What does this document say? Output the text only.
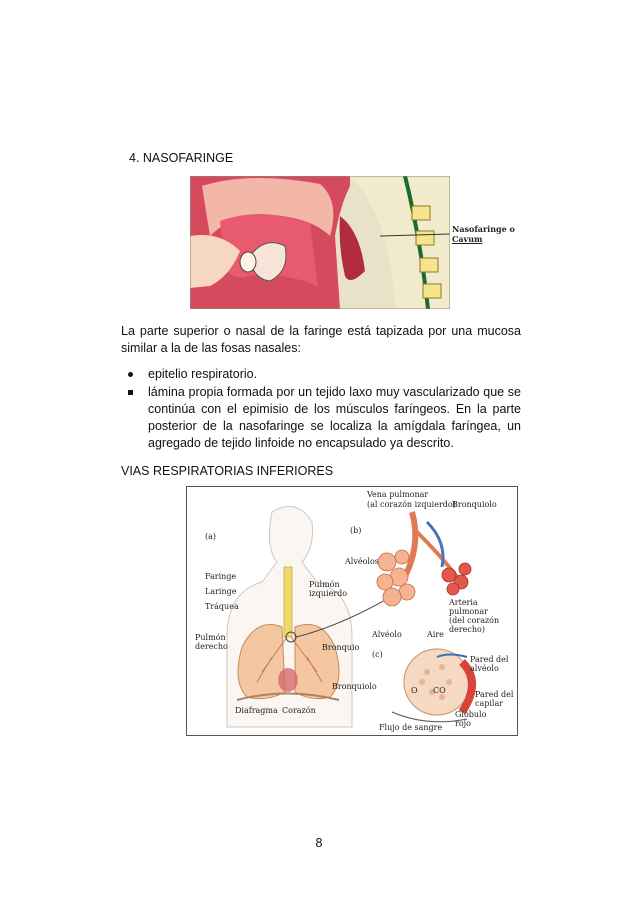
4. NASOFARINGE
Nasofaringe o
Cavum
La parte superior o nasal de la faringe está tapizada por una mucosa similar a la de las fosas nasales:
epitelio respiratorio.
lámina propia formada por un tejido laxo muy vascularizado que se continúa con el epimisio de los músculos faríngeos. En la parte posterior de la nasofaringe se localiza la amígdala faríngea, un agregado de tejido linfoide no encapsulado ya descrito.
VIAS RESPIRATORIAS INFERIORES
(a)
(b)
(c)
Vena pulmonar
(al corazón izquierdo)
Bronquiolo
Alvéolos
Arteria
pulmonar
(del corazón
derecho)
Faringe
Laringe
Tráquea
Pulmón
izquierdo
Pulmón
derecho	Bronquio
Bronquiolo
Diafragma Corazón
Alvéolo	Aire
Pared del
alvéolo
Pared del
capilar
Glóbulo
rojo
Flujo de sangre
O CO
8
